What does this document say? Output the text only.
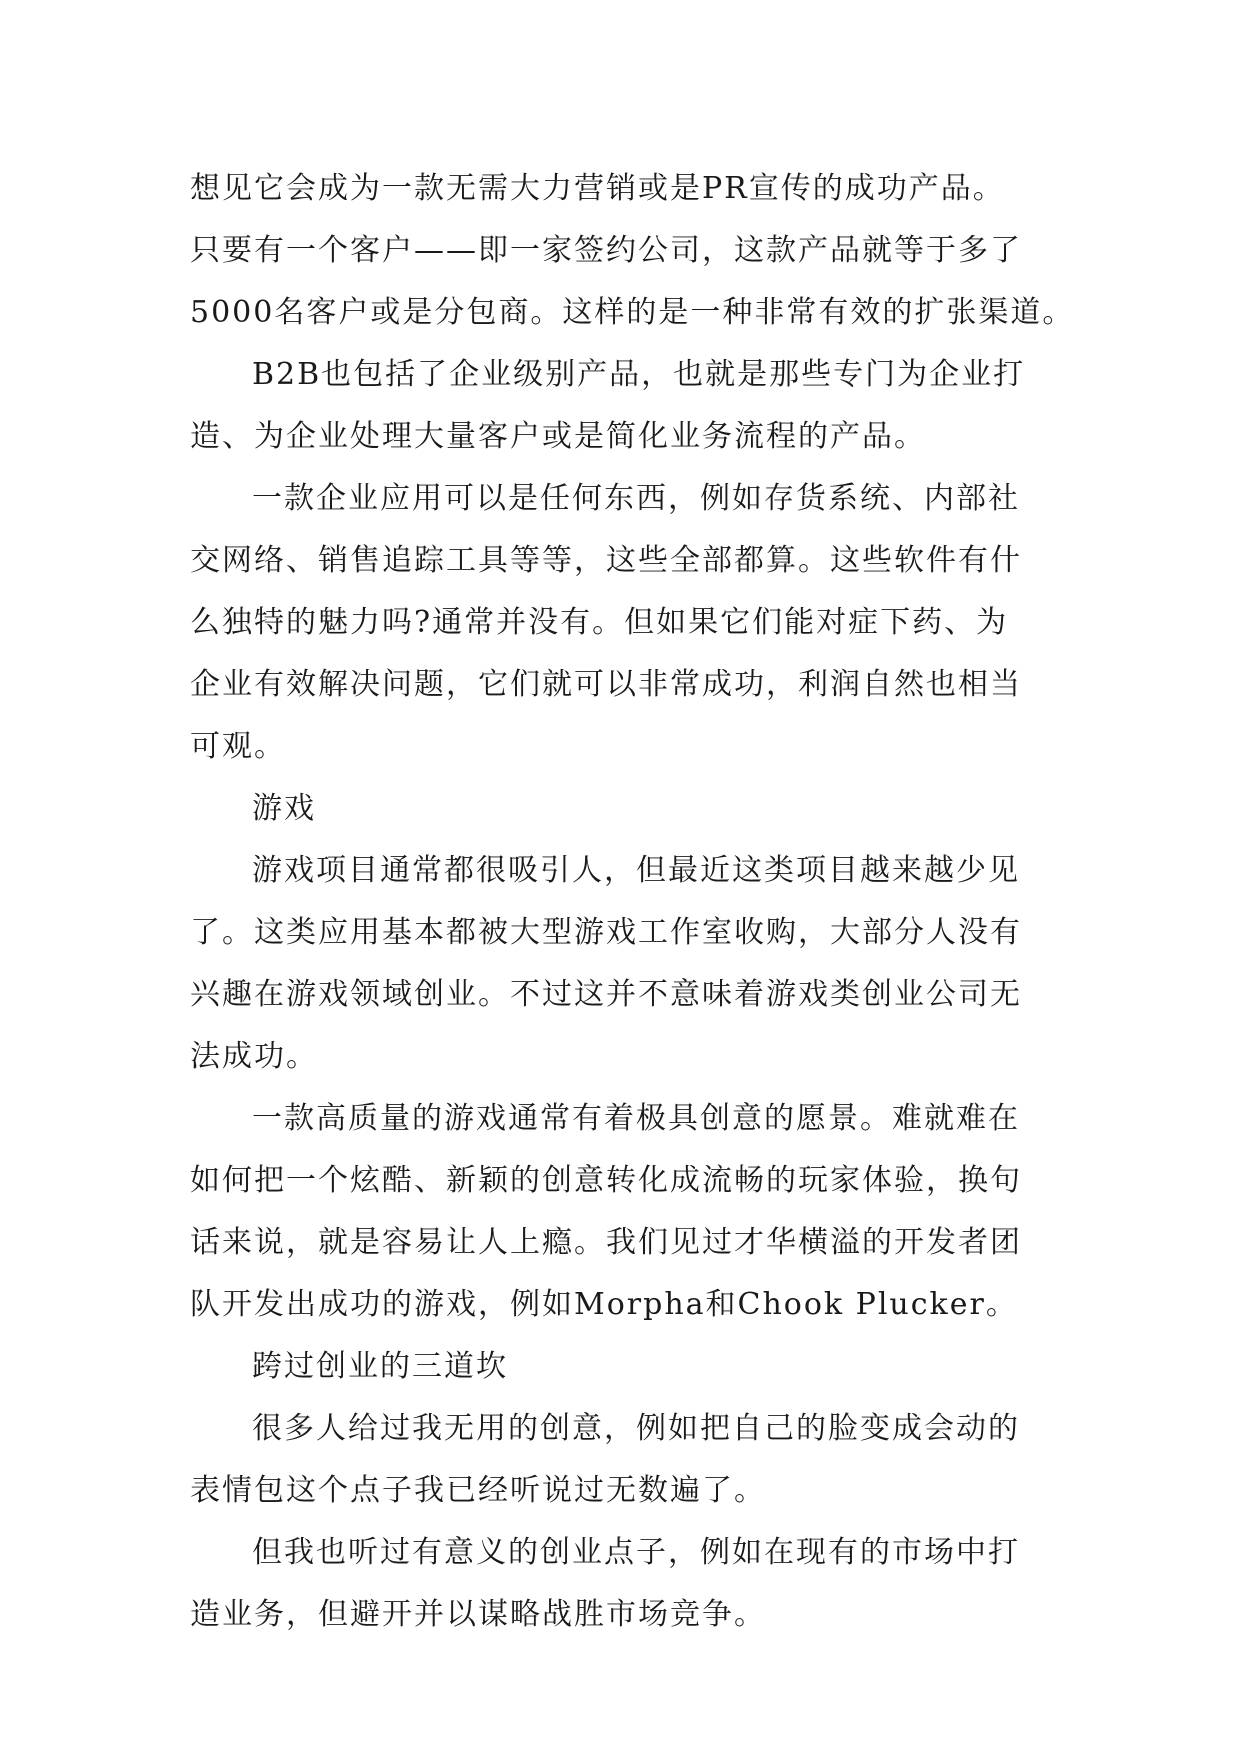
想见它会成为一款无需大力营销或是PR宣传的成功产品。
只要有一个客户——即一家签约公司，这款产品就等于多了
5000名客户或是分包商。这样的是一种非常有效的扩张渠道。
B2B也包括了企业级别产品，也就是那些专门为企业打
造、为企业处理大量客户或是简化业务流程的产品。
一款企业应用可以是任何东西，例如存货系统、内部社
交网络、销售追踪工具等等，这些全部都算。这些软件有什
么独特的魅力吗?通常并没有。但如果它们能对症下药、为
企业有效解决问题，它们就可以非常成功，利润自然也相当
可观。
游戏
游戏项目通常都很吸引人，但最近这类项目越来越少见
了。这类应用基本都被大型游戏工作室收购，大部分人没有
兴趣在游戏领域创业。不过这并不意味着游戏类创业公司无
法成功。
一款高质量的游戏通常有着极具创意的愿景。难就难在
如何把一个炫酷、新颖的创意转化成流畅的玩家体验，换句
话来说，就是容易让人上瘾。我们见过才华横溢的开发者团
队开发出成功的游戏，例如Morpha和Chook Plucker。
跨过创业的三道坎
很多人给过我无用的创意，例如把自己的脸变成会动的
表情包这个点子我已经听说过无数遍了。
但我也听过有意义的创业点子，例如在现有的市场中打
造业务，但避开并以谋略战胜市场竞争。
